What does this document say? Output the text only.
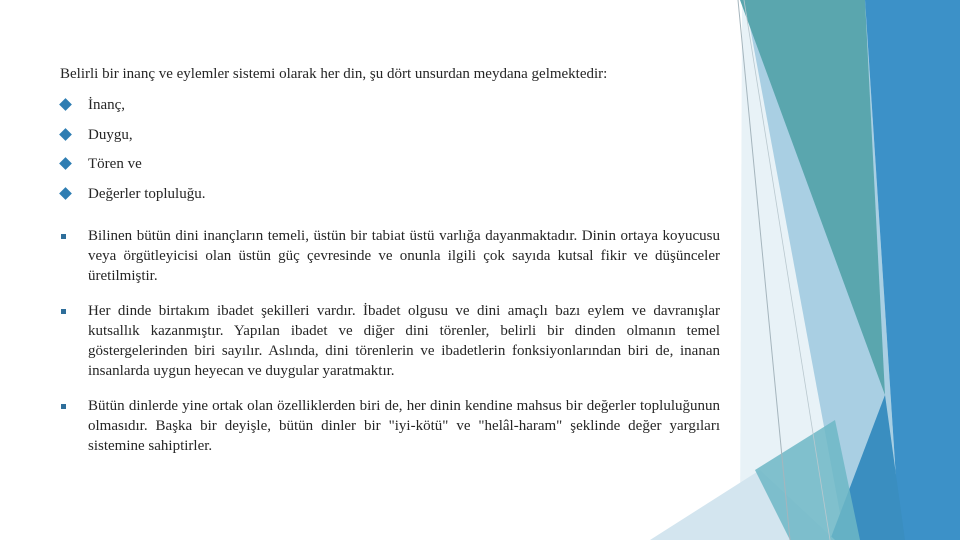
Belirli bir inanç ve eylemler sistemi olarak her din, şu dört unsurdan meydana gelmektedir:

İnanç,
Duygu,
Tören ve
Değerler topluluğu.
Bilinen bütün dini inançların temeli, üstün bir tabiat üstü varlığa dayanmaktadır. Dinin ortaya koyucusu veya örgütleyicisi olan üstün güç çevresinde ve onunla ilgili çok sayıda kutsal fikir ve düşünceler üretilmiştir.
Her dinde birtakım ibadet şekilleri vardır. İbadet olgusu ve dini amaçlı bazı eylem ve davranışlar kutsallık kazanmıştır. Yapılan ibadet ve diğer dini törenler, belirli bir dinden olmanın temel göstergelerinden biri sayılır. Aslında, dini törenlerin ve ibadetlerin fonksiyonlarından biri de, inanan insanlarda uygun heyecan ve duygular yaratmaktır.
Bütün dinlerde yine ortak olan özelliklerden biri de, her dinin kendine mahsus bir değerler topluluğunun olmasıdır. Başka bir deyişle, bütün dinler bir "iyi-kötü" ve "helâl-haram" şeklinde değer yargıları sistemine sahiptirler.
